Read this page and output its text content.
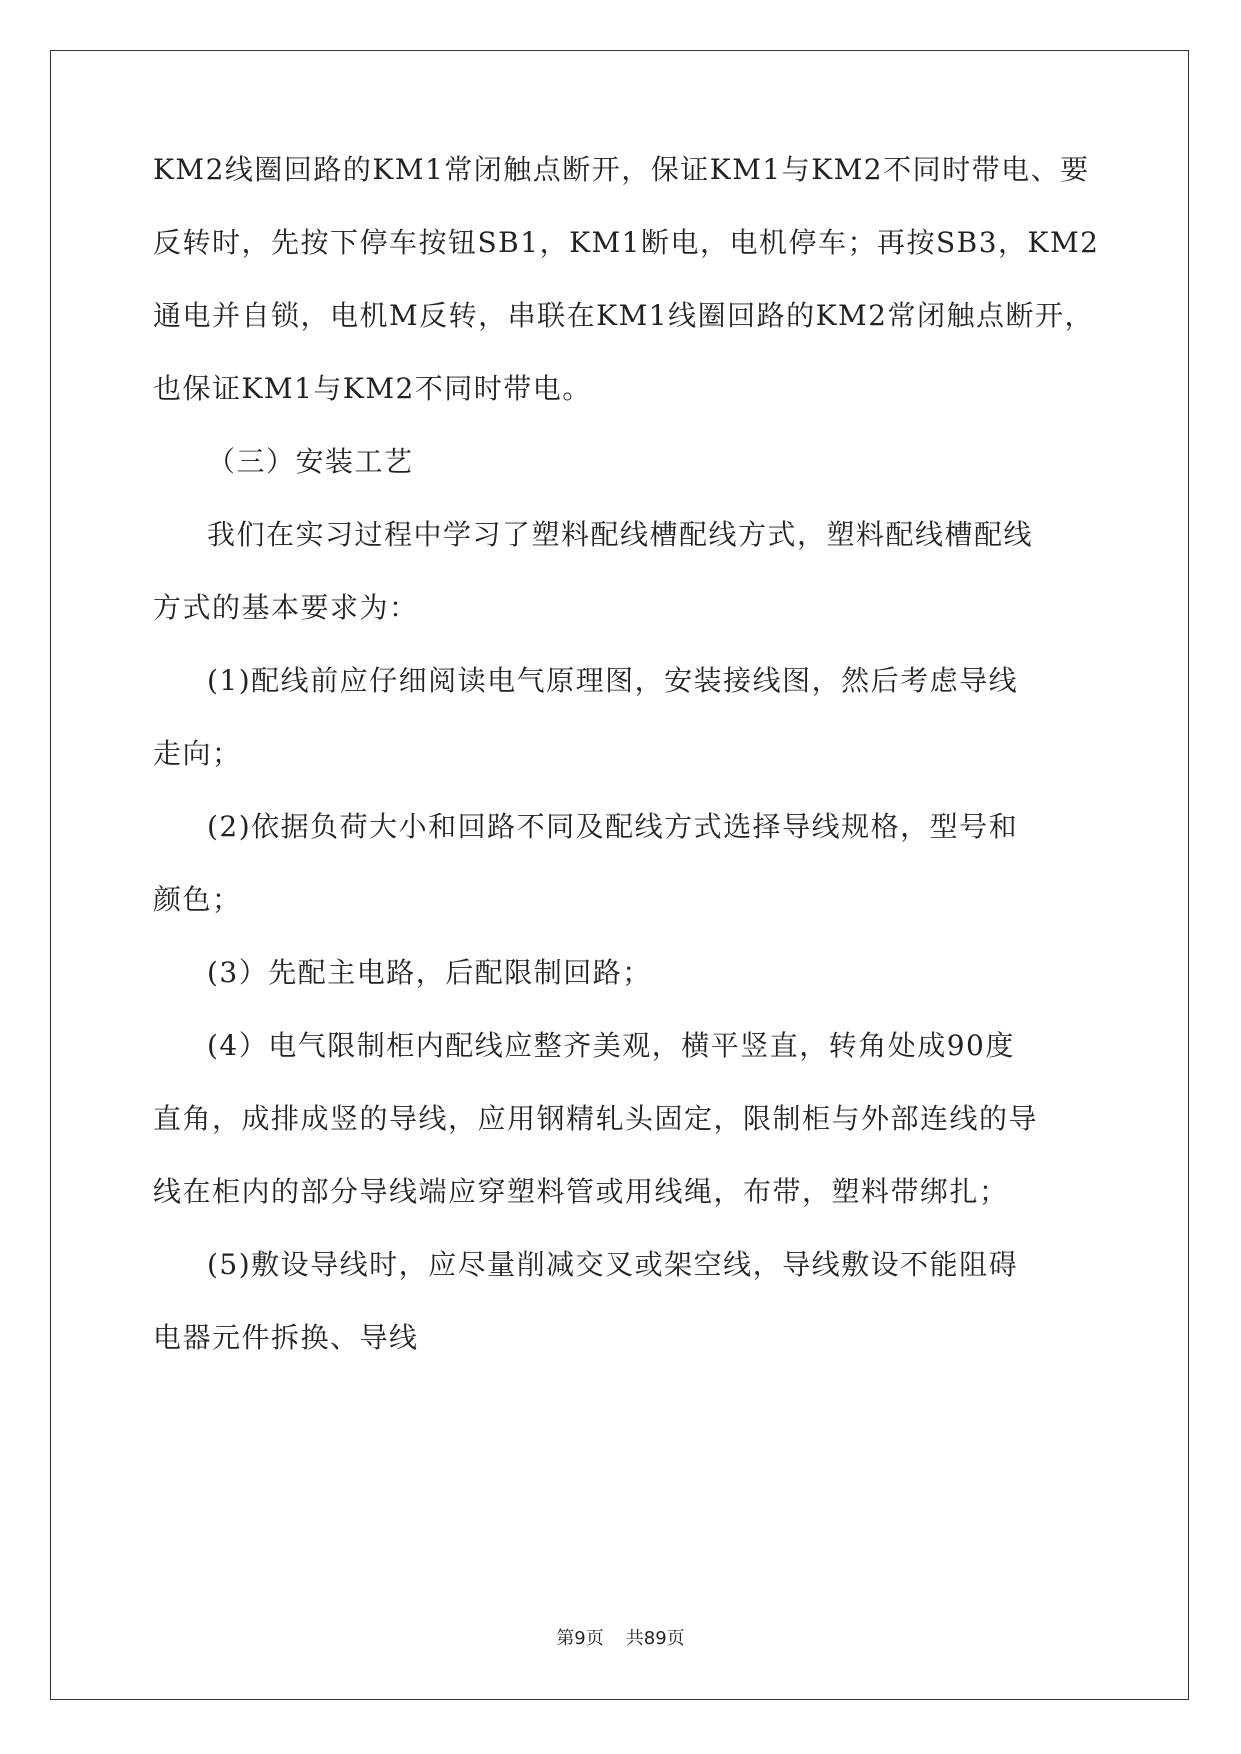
KM2线圈回路的KM1常闭触点断开，保证KM1与KM2不同时带电、要
反转时，先按下停车按钮SB1，KM1断电，电机停车；再按SB3，KM2
通电并自锁，电机M反转，串联在KM1线圈回路的KM2常闭触点断开，
也保证KM1与KM2不同时带电。
（三）安装工艺
我们在实习过程中学习了塑料配线槽配线方式，塑料配线槽配线
方式的基本要求为：
(1)配线前应仔细阅读电气原理图，安装接线图，然后考虑导线
走向；
(2)依据负荷大小和回路不同及配线方式选择导线规格，型号和
颜色；
(3）先配主电路，后配限制回路；
(4）电气限制柜内配线应整齐美观，横平竖直，转角处成90度
直角，成排成竖的导线，应用钢精轧头固定，限制柜与外部连线的导
线在柜内的部分导线端应穿塑料管或用线绳，布带，塑料带绑扎；
(5)敷设导线时，应尽量削减交叉或架空线，导线敷设不能阻碍
电器元件拆换、导线
第9页 共89页
